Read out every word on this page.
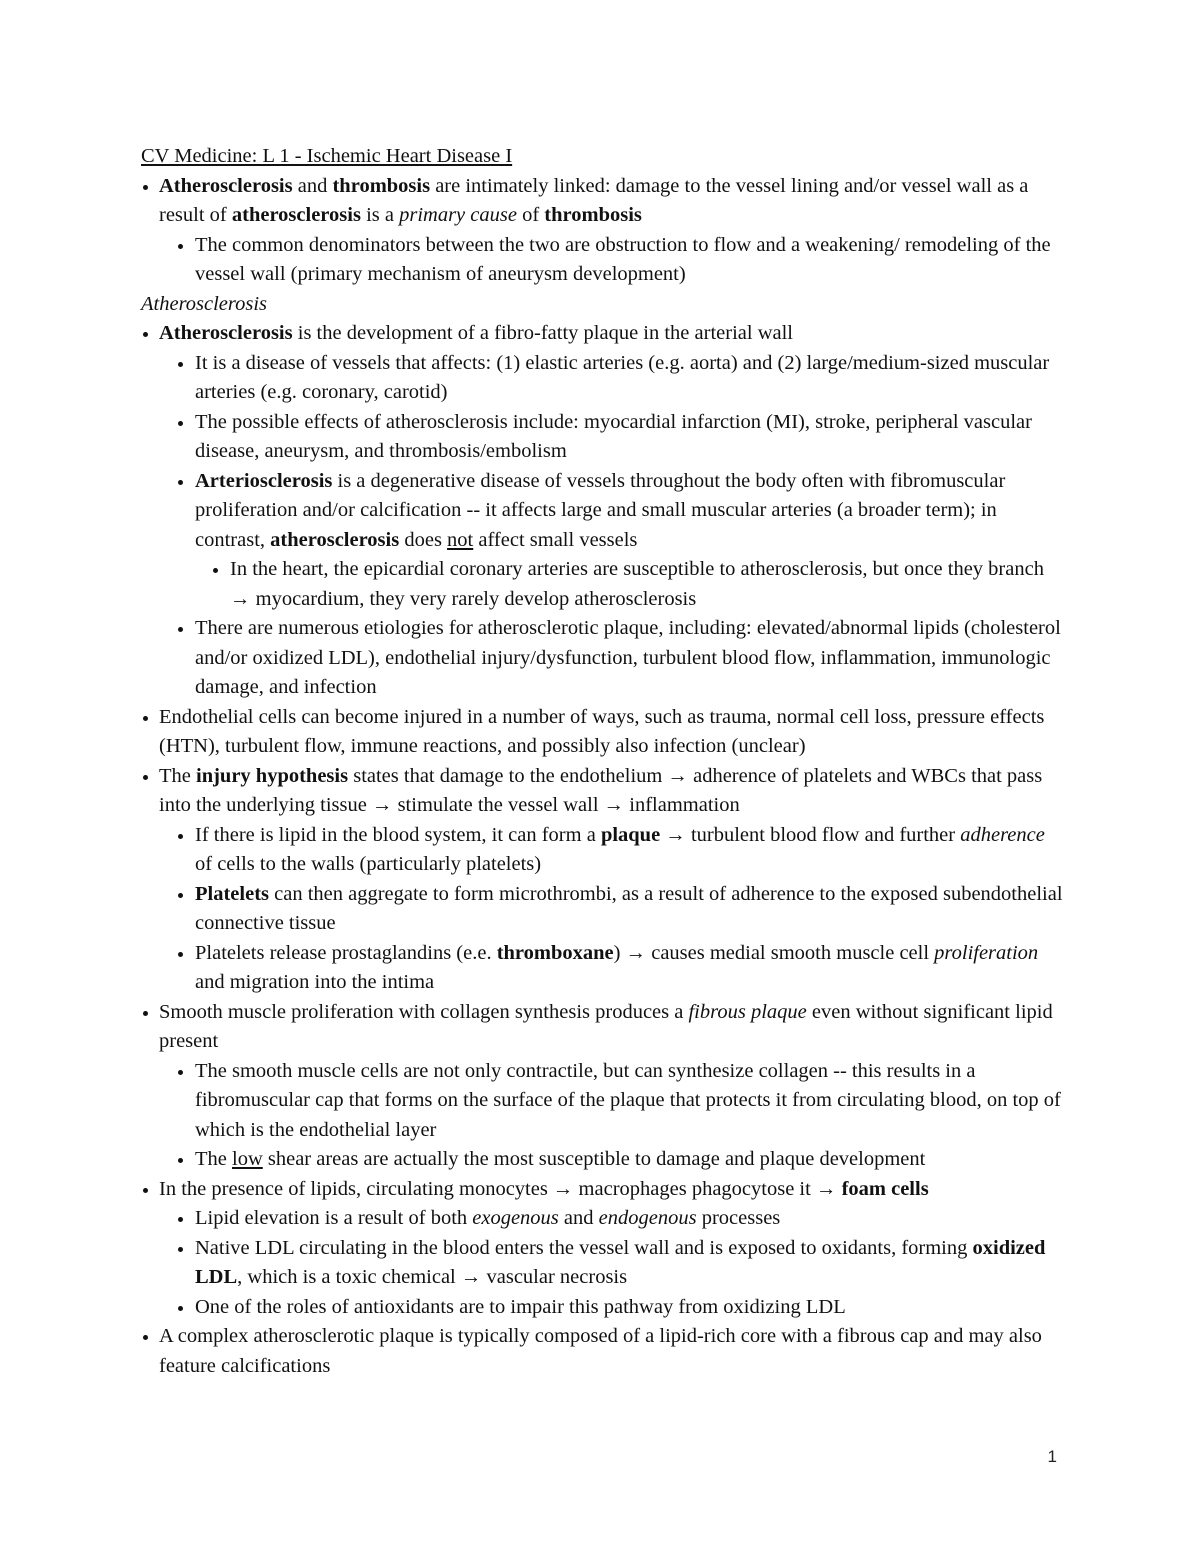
CV Medicine: L 1 - Ischemic Heart Disease I
Atherosclerosis and thrombosis are intimately linked: damage to the vessel lining and/or vessel wall as a result of atherosclerosis is a primary cause of thrombosis
The common denominators between the two are obstruction to flow and a weakening/ remodeling of the vessel wall (primary mechanism of aneurysm development)
Atherosclerosis
Atherosclerosis is the development of a fibro-fatty plaque in the arterial wall
It is a disease of vessels that affects: (1) elastic arteries (e.g. aorta) and (2) large/medium-sized muscular arteries (e.g. coronary, carotid)
The possible effects of atherosclerosis include: myocardial infarction (MI), stroke, peripheral vascular disease, aneurysm, and thrombosis/embolism
Arteriosclerosis is a degenerative disease of vessels throughout the body often with fibromuscular proliferation and/or calcification -- it affects large and small muscular arteries (a broader term); in contrast, atherosclerosis does not affect small vessels
In the heart, the epicardial coronary arteries are susceptible to atherosclerosis, but once they branch → myocardium, they very rarely develop atherosclerosis
There are numerous etiologies for atherosclerotic plaque, including: elevated/abnormal lipids (cholesterol and/or oxidized LDL), endothelial injury/dysfunction, turbulent blood flow, inflammation, immunologic damage, and infection
Endothelial cells can become injured in a number of ways, such as trauma, normal cell loss, pressure effects (HTN), turbulent flow, immune reactions, and possibly also infection (unclear)
The injury hypothesis states that damage to the endothelium → adherence of platelets and WBCs that pass into the underlying tissue → stimulate the vessel wall → inflammation
If there is lipid in the blood system, it can form a plaque → turbulent blood flow and further adherence of cells to the walls (particularly platelets)
Platelets can then aggregate to form microthrombi, as a result of adherence to the exposed subendothelial connective tissue
Platelets release prostaglandins (e.e. thromboxane) → causes medial smooth muscle cell proliferation and migration into the intima
Smooth muscle proliferation with collagen synthesis produces a fibrous plaque even without significant lipid present
The smooth muscle cells are not only contractile, but can synthesize collagen -- this results in a fibromuscular cap that forms on the surface of the plaque that protects it from circulating blood, on top of which is the endothelial layer
The low shear areas are actually the most susceptible to damage and plaque development
In the presence of lipids, circulating monocytes → macrophages phagocytose it → foam cells
Lipid elevation is a result of both exogenous and endogenous processes
Native LDL circulating in the blood enters the vessel wall and is exposed to oxidants, forming oxidized LDL, which is a toxic chemical → vascular necrosis
One of the roles of antioxidants are to impair this pathway from oxidizing LDL
A complex atherosclerotic plaque is typically composed of a lipid-rich core with a fibrous cap and may also feature calcifications
1
